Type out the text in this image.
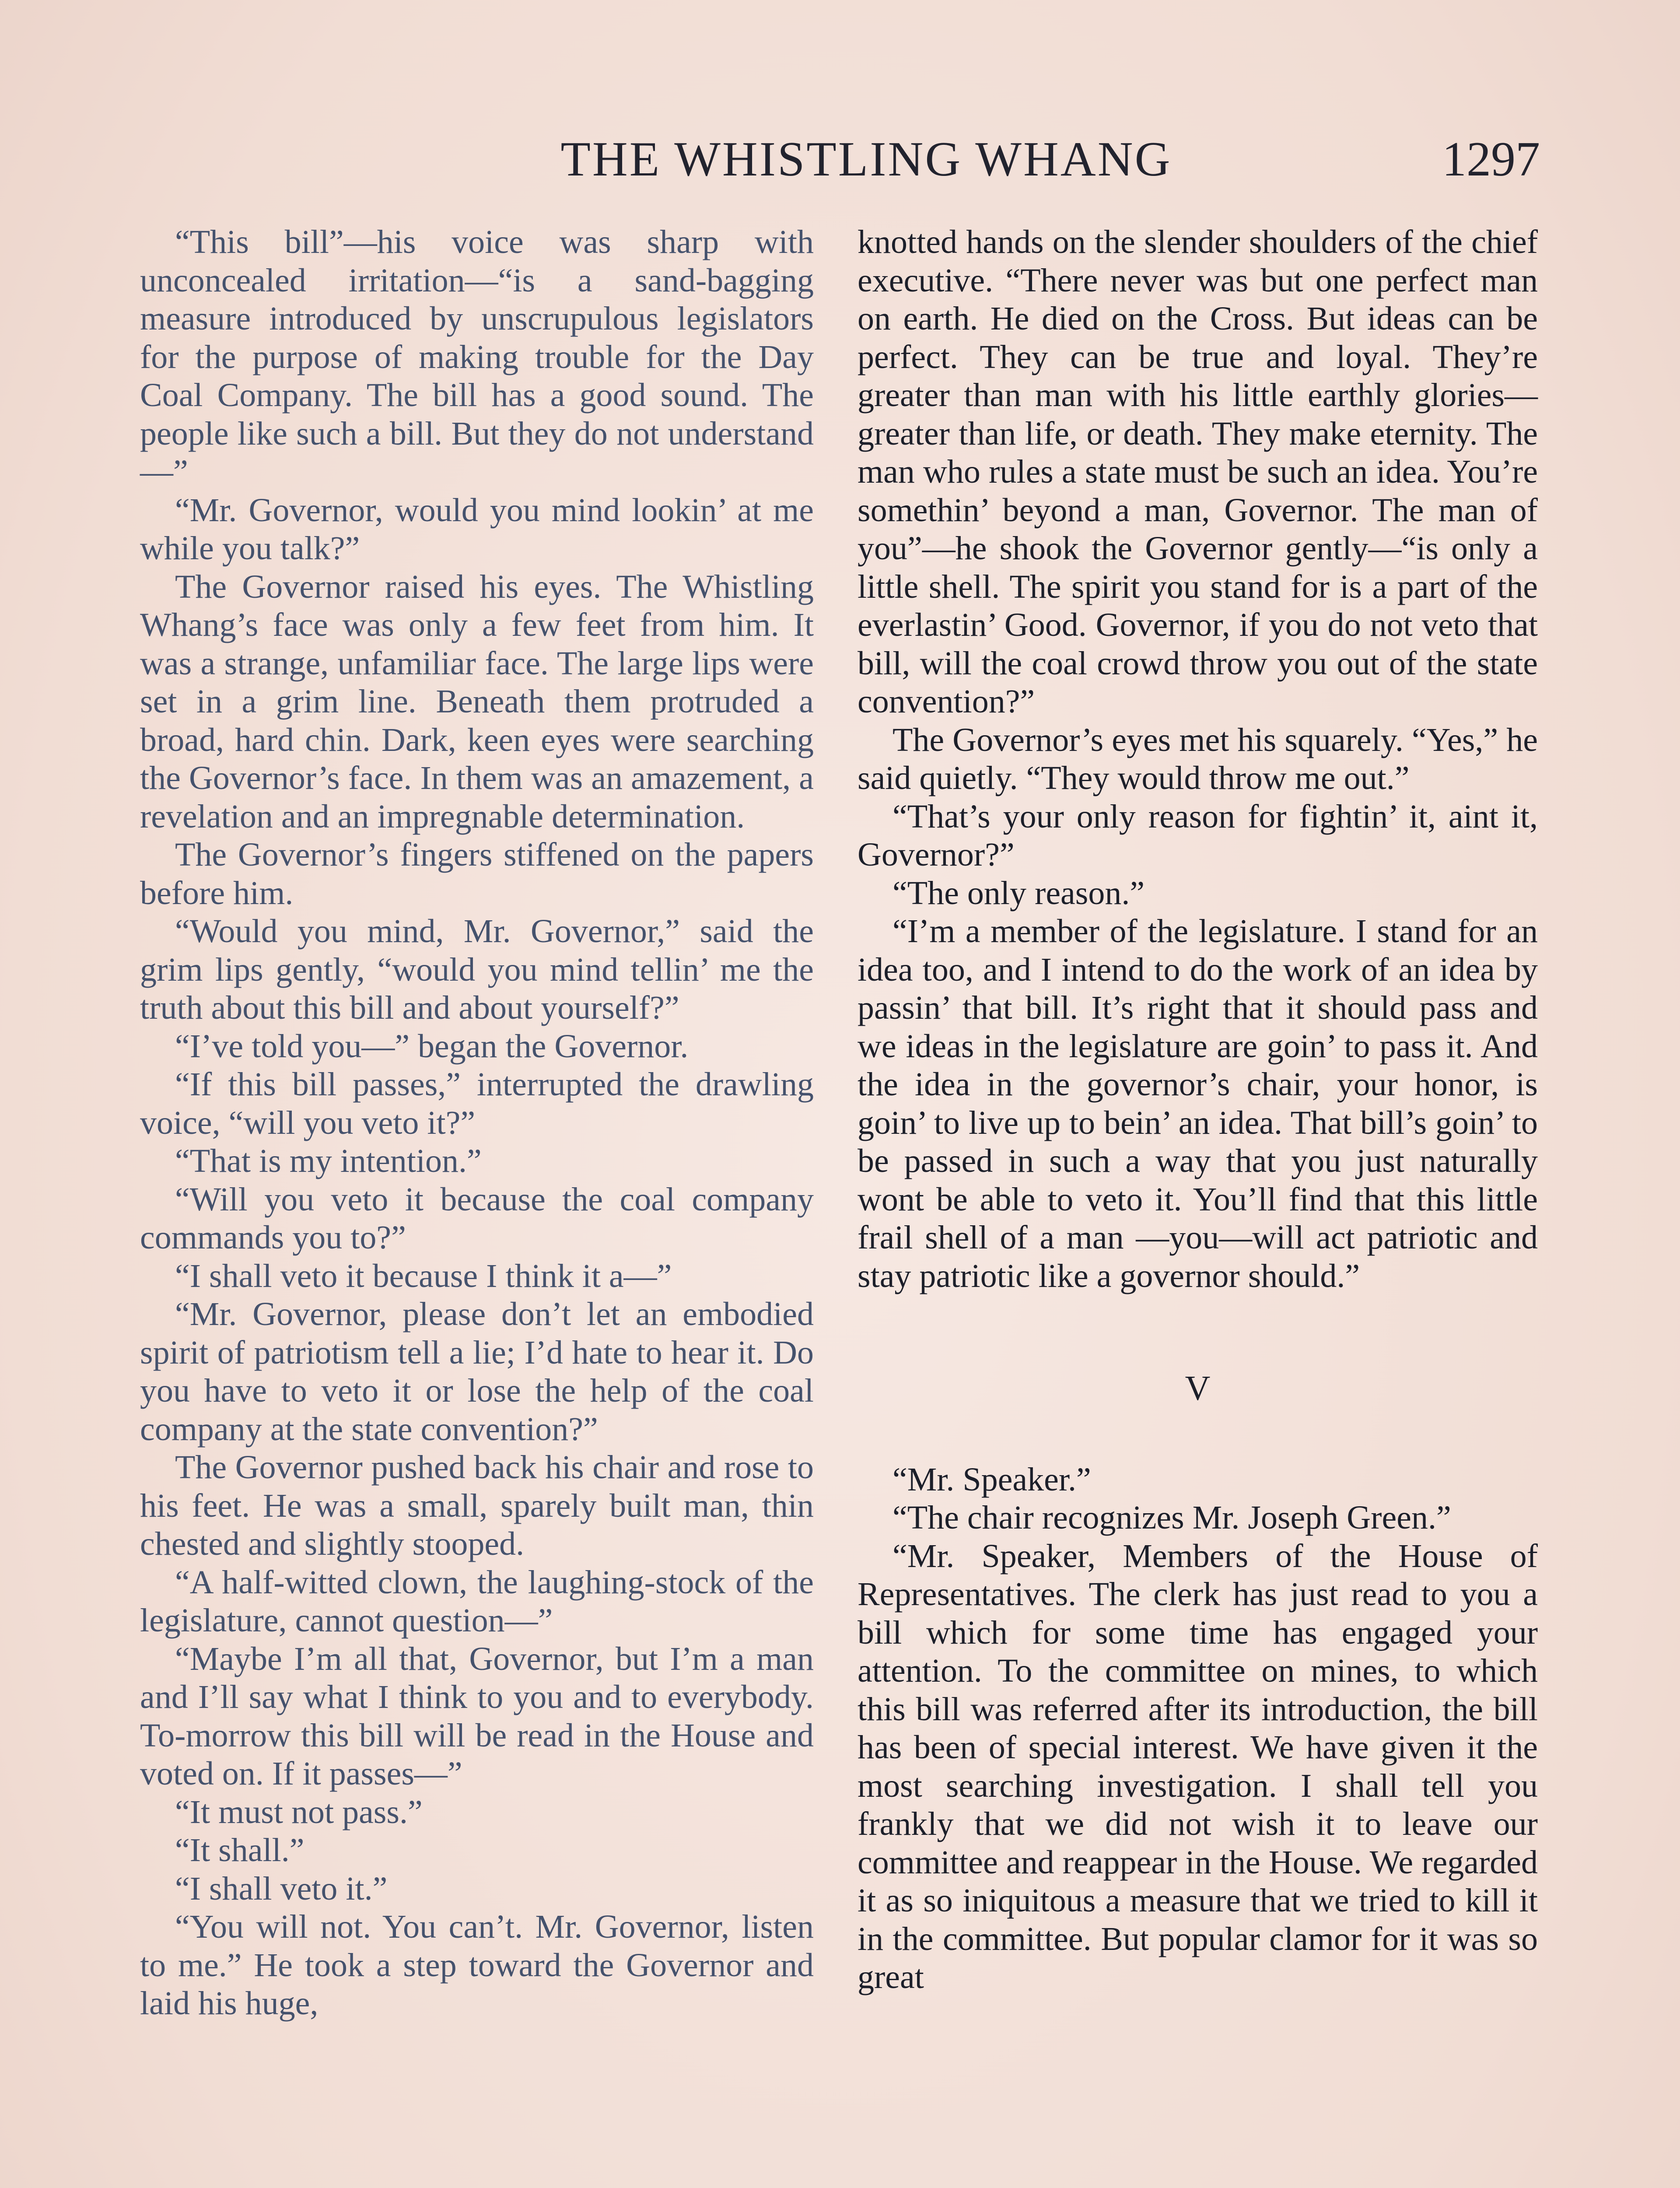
THE WHISTLING WHANG	1297

“This bill”—his voice was sharp with unconcealed irritation—“is a sand-bagging measure introduced by unscrupulous legislators for the purpose of making trouble for the Day Coal Company. The bill has a good sound. The people like such a bill. But they do not understand—”

“Mr. Governor, would you mind lookin’ at me while you talk?”

The Governor raised his eyes. The Whistling Whang’s face was only a few feet from him. It was a strange, unfamiliar face. The large lips were set in a grim line. Beneath them protruded a broad, hard chin. Dark, keen eyes were searching the Governor’s face. In them was an amazement, a revelation and an impregnable determination.

The Governor’s fingers stiffened on the papers before him.

“Would you mind, Mr. Governor,” said the grim lips gently, “would you mind tellin’ me the truth about this bill and about yourself?”

“I’ve told you—” began the Governor.

“If this bill passes,” interrupted the drawling voice, “will you veto it?”

“That is my intention.”

“Will you veto it because the coal company commands you to?”

“I shall veto it because I think it a—”

“Mr. Governor, please don’t let an embodied spirit of patriotism tell a lie; I’d hate to hear it. Do you have to veto it or lose the help of the coal company at the state convention?”

The Governor pushed back his chair and rose to his feet. He was a small, sparely built man, thin chested and slightly stooped.

“A half-witted clown, the laughing-stock of the legislature, cannot question—”

“Maybe I’m all that, Governor, but I’m a man and I’ll say what I think to you and to everybody. To-morrow this bill will be read in the House and voted on. If it passes—”

“It must not pass.”

“It shall.”

“I shall veto it.”

“You will not. You can’t. Mr. Governor, listen to me.” He took a step toward the Governor and laid his huge,

knotted hands on the slender shoulders of the chief executive. “There never was but one perfect man on earth. He died on the Cross. But ideas can be perfect. They can be true and loyal. They’re greater than man with his little earthly glories—greater than life, or death. They make eternity. The man who rules a state must be such an idea. You’re somethin’ beyond a man, Governor. The man of you”—he shook the Governor gently—“is only a little shell. The spirit you stand for is a part of the everlastin’ Good. Governor, if you do not veto that bill, will the coal crowd throw you out of the state convention?”

The Governor’s eyes met his squarely. “Yes,” he said quietly. “They would throw me out.”

“That’s your only reason for fightin’ it, aint it, Governor?”

“The only reason.”

“I’m a member of the legislature. I stand for an idea too, and I intend to do the work of an idea by passin’ that bill. It’s right that it should pass and we ideas in the legislature are goin’ to pass it. And the idea in the governor’s chair, your honor, is goin’ to live up to bein’ an idea. That bill’s goin’ to be passed in such a way that you just naturally wont be able to veto it. You’ll find that this little frail shell of a man —you—will act patriotic and stay patriotic like a governor should.”

V

“Mr. Speaker.”

“The chair recognizes Mr. Joseph Green.”

“Mr. Speaker, Members of the House of Representatives. The clerk has just read to you a bill which for some time has engaged your attention. To the committee on mines, to which this bill was referred after its introduction, the bill has been of special interest. We have given it the most searching investigation. I shall tell you frankly that we did not wish it to leave our committee and reappear in the House. We regarded it as so iniquitous a measure that we tried to kill it in the committee. But popular clamor for it was so great
